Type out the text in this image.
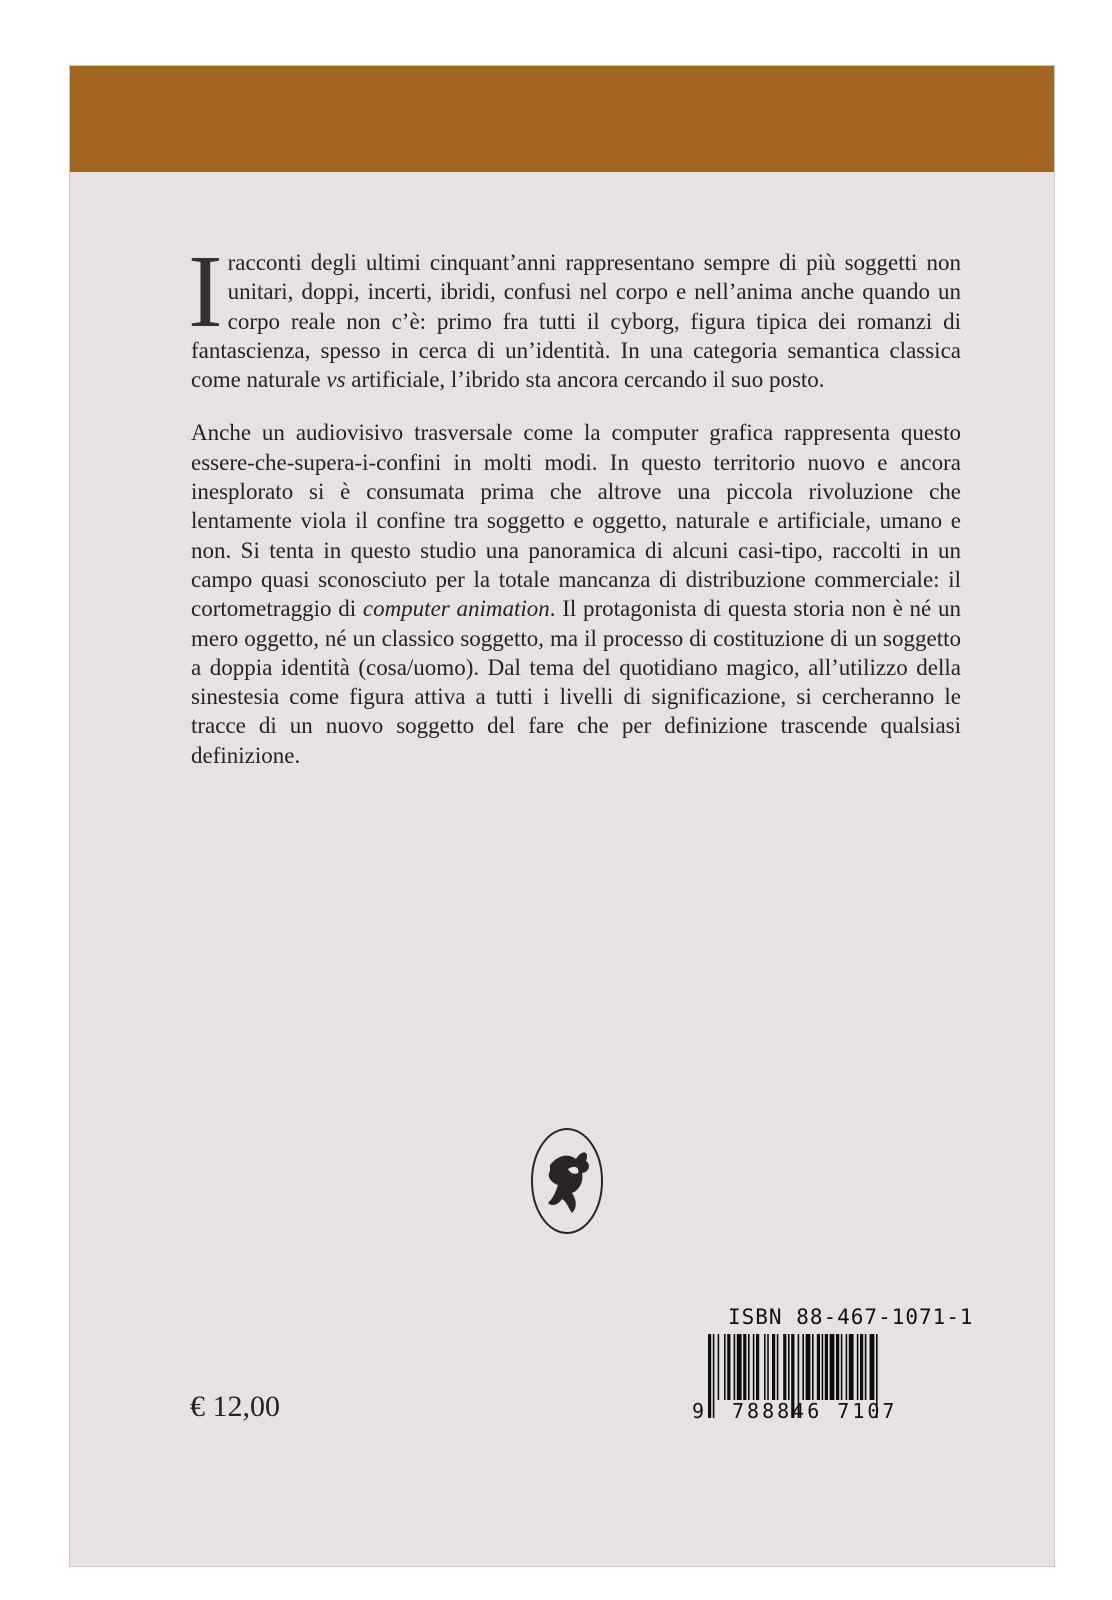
I racconti degli ultimi cinquant’anni rappresentano sempre di più soggetti non unitari, doppi, incerti, ibridi, confusi nel corpo e nell’anima anche quando un corpo reale non c’è: primo fra tutti il cyborg, figura tipica dei romanzi di fantascienza, spesso in cerca di un’identità. In una categoria semantica classica come naturale vs artificiale, l’ibrido sta ancora cercando il suo posto.

Anche un audiovisivo trasversale come la computer grafica rappresenta questo essere-che-supera-i-confini in molti modi. In questo territorio nuovo e ancora inesplorato si è consumata prima che altrove una piccola rivoluzione che lentamente viola il confine tra soggetto e oggetto, naturale e artificiale, umano e non. Si tenta in questo studio una panoramica di alcuni casi-tipo, raccolti in un campo quasi sconosciuto per la totale mancanza di distribuzione commerciale: il cortometraggio di computer animation. Il protagonista di questa storia non è né un mero oggetto, né un classico soggetto, ma il processo di costituzione di un soggetto a doppia identità (cosa/uomo). Dal tema del quotidiano magico, all’utilizzo della sinestesia come figura attiva a tutti i livelli di significazione, si cercheranno le tracce di un nuovo soggetto del fare che per definizione trascende qualsiasi definizione.

ISBN 88-467-1071-1
9 788846 7107
€ 12,00
